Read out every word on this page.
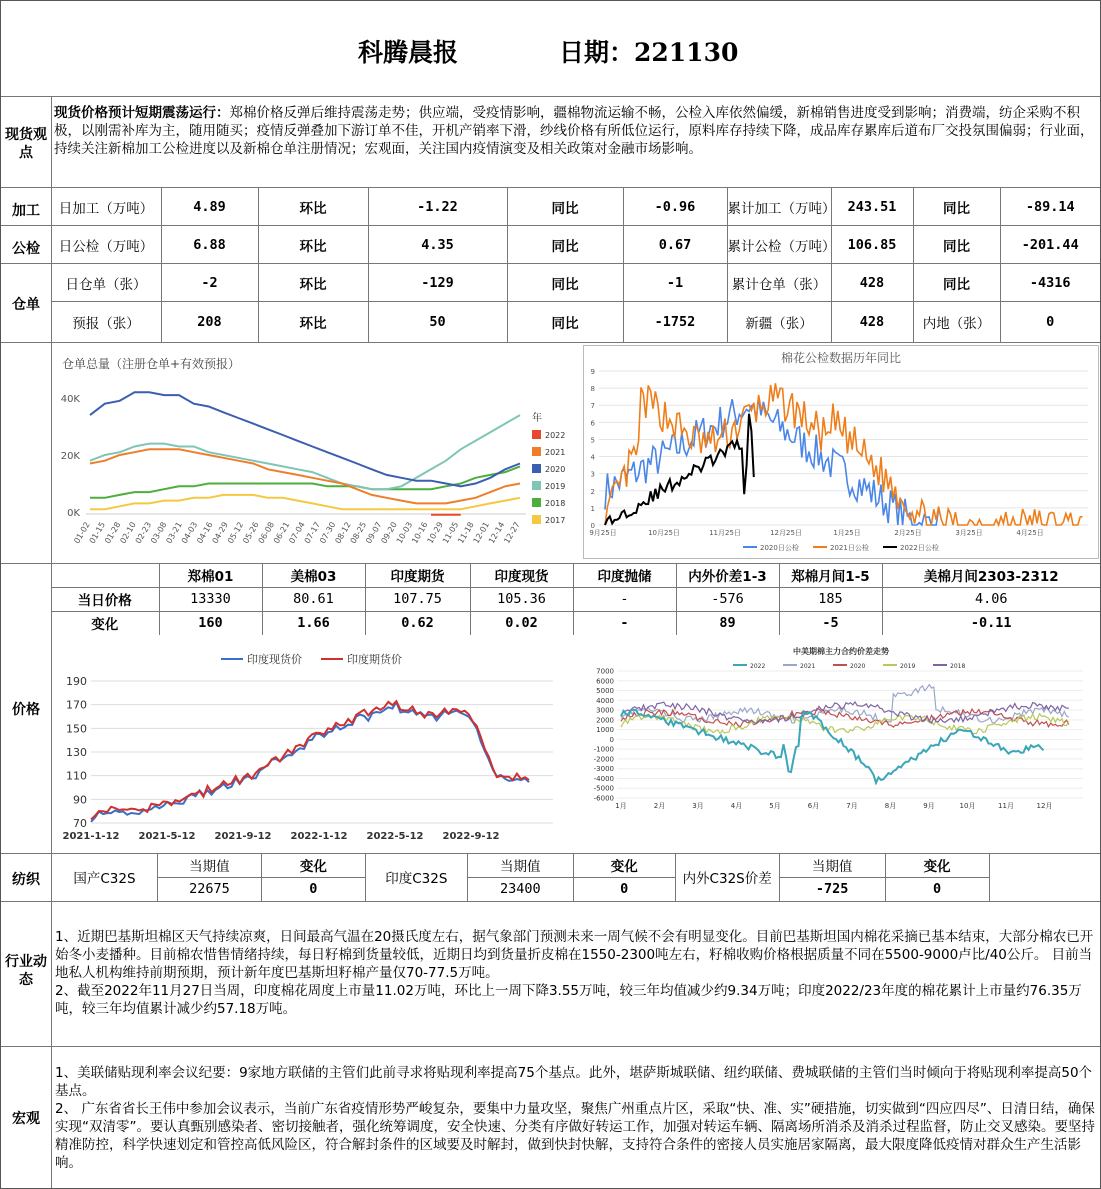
科腾晨报	日期：221130
现货观点
现货价格预计短期震荡运行：郑棉价格反弹后维持震荡走势；供应端，受疫情影响，疆棉物流运输不畅，公检入库依然偏缓，新棉销售进度受到影响；消费端，纺企采购不积极，以刚需补库为主，随用随买；疫情反弹叠加下游订单不佳，开机产销率下滑，纱线价格有所低位运行，原料库存持续下降，成品库存累库后道布厂交投氛围偏弱；行业面，持续关注新棉加工公检进度以及新棉仓单注册情况；宏观面，关注国内疫情演变及相关政策对金融市场影响。
加工
公检
仓单
	日加工（万吨）	4.89	环比	-1.22	同比	-0.96	累计加工（万吨）	243.51	同比	-89.14
	日公检（万吨）	6.88	环比	4.35	同比	0.67	累计公检（万吨）	106.85	同比	-201.44
	日仓单（张）	-2	环比	-129	同比	-1	累计仓单（张）	428	同比	-4316
	预报（张）	208	环比	50	同比	-1752	新疆（张）	428	内地（张）	0
仓单总量（注册仓单+有效预报）
40K
20K
0K
01-02
01-15
01-28
02-10
02-23
03-08
03-21
04-03
04-16
04-29
05-12
05-26
06-08
06-21
07-04
07-17
07-30
08-12
08-25
09-07
09-20
10-03
10-16
10-29
11-05
11-18
12-01
12-14
12-27
年
2022
2021
2020
2019
2018
2017
棉花公检数据历年同比
9
8
7
6
5
4
3
2
1
0
9月25日	10月25日	11月25日	12月25日	1月25日	2月25日	3月25日	4月25日
2020日公检	2021日公检	2022日公检
价格
	郑棉01	美棉03	印度期货	印度现货	印度抛储	内外价差1-3	郑棉月间1-5	美棉月间2303-2312
当日价格	13330	80.61	107.75	105.36	-	-576	185	4.06
变化	160	1.66	0.62	0.02	-	89	-5	-0.11
印度现货价	印度期货价
190
170
150
130
110
90
70
2021-1-12 2021-5-12 2021-9-12 2022-1-12 2022-5-12 2022-9-12
中美期棉主力合约价差走势
2022	2021	2020	2019	2018
7000
6000
5000
4000
3000
2000
1000
0
-1000
-2000
-3000
-4000
-5000
-6000
1月	2月	3月	4月	5月	6月	7月	8月	9月	10月	11月	12月
纺织	国产C32S	当期值	变化	印度C32S	当期值	变化	内外C32S价差	当期值	变化	
	22675	0		23400	0		-725	0	
行业动态
1、近期巴基斯坦棉区天气持续凉爽，日间最高气温在20摄氏度左右，据气象部门预测未来一周气候不会有明显变化。目前巴基斯坦国内棉花采摘已基本结束，大部分棉农已开始冬小麦播种。目前棉农惜售情绪持续，每日籽棉到货量较低，近期日均到货量折皮棉在1550-2300吨左右，籽棉收购价格根据质量不同在5500-9000卢比/40公斤。 目前当地私人机构维持前期预期，预计新年度巴基斯坦籽棉产量仅70-77.5万吨。
2、截至2022年11月27日当周，印度棉花周度上市量11.02万吨，环比上一周下降3.55万吨，较三年均值减少约9.34万吨；印度2022/23年度的棉花累计上市量约76.35万吨，较三年均值累计减少约57.18万吨。
宏观
1、美联储贴现利率会议纪要：9家地方联储的主管们此前寻求将贴现利率提高75个基点。此外，堪萨斯城联储、纽约联储、费城联储的主管们当时倾向于将贴现利率提高50个基点。
2、 广东省省长王伟中参加会议表示，当前广东省疫情形势严峻复杂，要集中力量攻坚，聚焦广州重点片区，采取“快、准、实”硬措施，切实做到“四应四尽”、日清日结，确保实现“双清零”。要认真甄别感染者、密切接触者，强化统筹调度，安全快速、分类有序做好转运工作，加强对转运车辆、隔离场所消杀及消杀过程监督，防止交叉感染。要坚持精准防控，科学快速划定和管控高低风险区，符合解封条件的区域要及时解封，做到快封快解，支持符合条件的密接人员实施居家隔离，最大限度降低疫情对群众生产生活影响。
